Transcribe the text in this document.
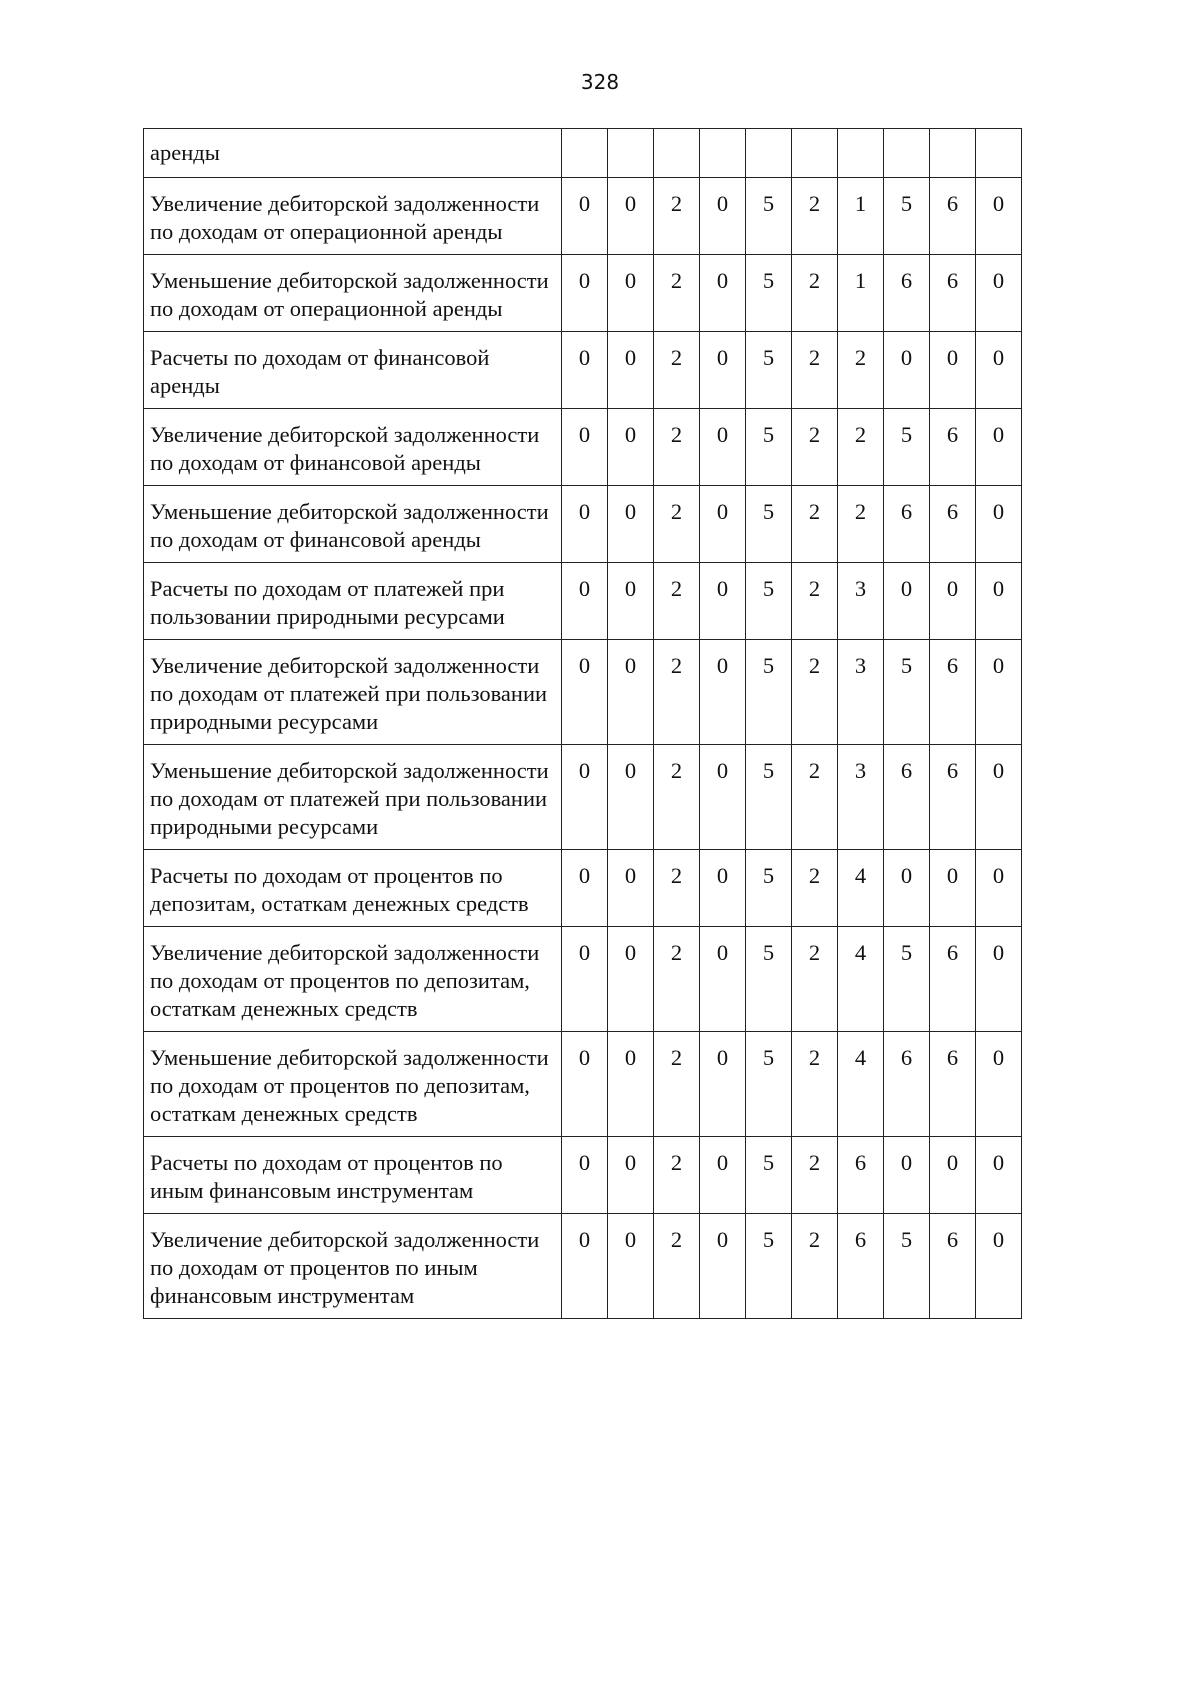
328
аренды										
Увеличение дебиторской задолженности по доходам от операционной аренды	0	0	2	0	5	2	1	5	6	0
Уменьшение дебиторской задолженности по доходам от операционной аренды	0	0	2	0	5	2	1	6	6	0
Расчеты по доходам от финансовой аренды	0	0	2	0	5	2	2	0	0	0
Увеличение дебиторской задолженности по доходам от финансовой аренды	0	0	2	0	5	2	2	5	6	0
Уменьшение дебиторской задолженности по доходам от финансовой аренды	0	0	2	0	5	2	2	6	6	0
Расчеты по доходам от платежей при пользовании природными ресурсами	0	0	2	0	5	2	3	0	0	0
Увеличение дебиторской задолженности по доходам от платежей при пользовании природными ресурсами	0	0	2	0	5	2	3	5	6	0
Уменьшение дебиторской задолженности по доходам от платежей при пользовании природными ресурсами	0	0	2	0	5	2	3	6	6	0
Расчеты по доходам от процентов по депозитам, остаткам денежных средств	0	0	2	0	5	2	4	0	0	0
Увеличение дебиторской задолженности по доходам от процентов по депозитам, остаткам денежных средств	0	0	2	0	5	2	4	5	6	0
Уменьшение дебиторской задолженности по доходам от процентов по депозитам, остаткам денежных средств	0	0	2	0	5	2	4	6	6	0
Расчеты по доходам от процентов по иным финансовым инструментам	0	0	2	0	5	2	6	0	0	0
Увеличение дебиторской задолженности по доходам от процентов по иным финансовым инструментам	0	0	2	0	5	2	6	5	6	0
